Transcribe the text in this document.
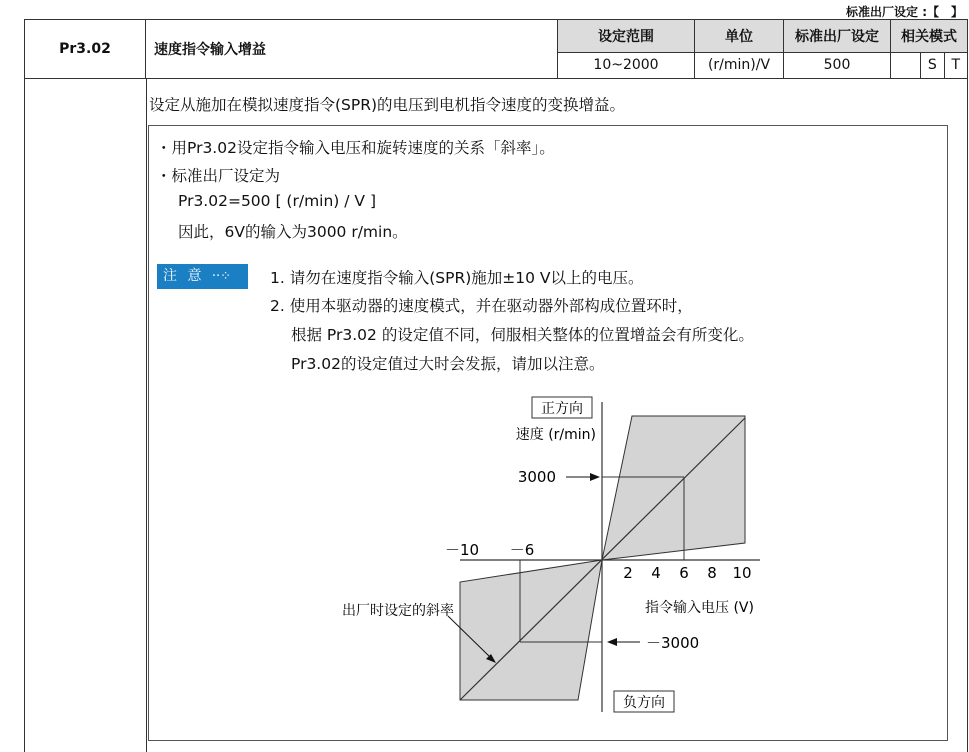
标准出厂设定 :【　】
Pr3.02	速度指令输入增益	设定范围	单位	标准出厂设定	相关模式		
		10~2000	(r/min)/V	500		S	T
设定从施加在模拟速度指令(SPR)的电压到电机指令速度的变换增益。
・用Pr3.02设定指令输入电压和旋转速度的关系「斜率」。
・标准出厂设定为
Pr3.02=500 [ (r/min) / V ]
因此，6V的输入为3000 r/min。
注 意 ··⁘	1. 请勿在速度指令输入(SPR)施加±10 V以上的电压。
2. 使用本驱动器的速度模式，并在驱动器外部构成位置环时，
根据 Pr3.02 的设定值不同，伺服相关整体的位置增益会有所变化。
Pr3.02的设定值过大时会发振，请加以注意。
正方向
负方向
速度 (r/min)
指令输入电压 (V)
出厂时设定的斜率
3000
－3000
2 4 6 8 10
－10 －6
